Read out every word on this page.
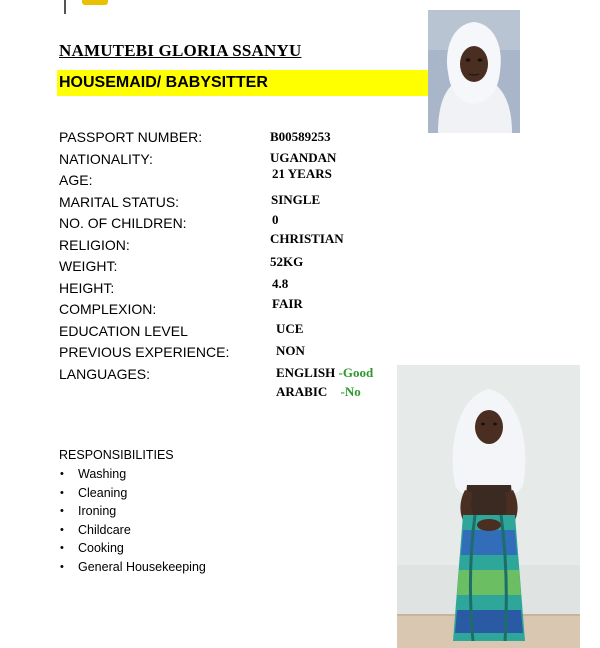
NAMUTEBI GLORIA SSANYU
HOUSEMAID/ BABYSITTER
PASSPORT NUMBER:
NATIONALITY:
AGE:
MARITAL STATUS:
NO. OF CHILDREN:
RELIGION:
WEIGHT:
HEIGHT:
COMPLEXION:
EDUCATION LEVEL
PREVIOUS EXPERIENCE:
LANGUAGES:
B00589253
UGANDAN
21 YEARS
SINGLE
0
CHRISTIAN
52KG
4.8
FAIR
UCE
NON
ENGLISH -Good
ARABIC -No
RESPONSIBILITIES
• Washing
• Cleaning
• Ironing
• Childcare
• Cooking
• General Housekeeping
